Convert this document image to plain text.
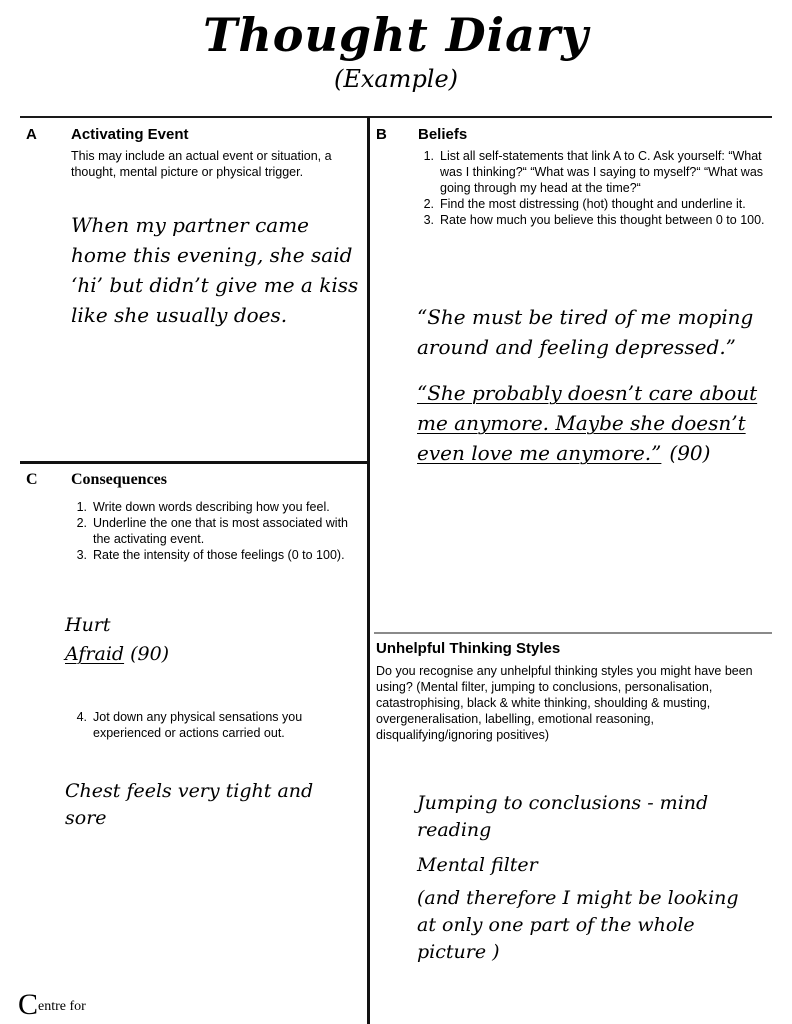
Thought Diary
(Example)
A Activating Event
This may include an actual event or situation, a thought, mental picture or physical trigger.
When my partner came home this evening, she said ‘hi’ but didn’t give me a kiss like she usually does.
B Beliefs
1. List all self-statements that link A to C. Ask yourself: “What was I thinking?“ “What was I saying to myself?“ “What was going through my head at the time?“
2. Find the most distressing (hot) thought and underline it.
3. Rate how much you believe this thought between 0 to 100.
“She must be tired of me moping around and feeling depressed.”
“She probably doesn’t care about me anymore. Maybe she doesn’t even love me anymore.” (90)
C Consequences
1. Write down words describing how you feel.
2. Underline the one that is most associated with the activating event.
3. Rate the intensity of those feelings (0 to 100).
Hurt
Afraid (90)
4. Jot down any physical sensations you experienced or actions carried out.
Chest feels very tight and sore
Unhelpful Thinking Styles
Do you recognise any unhelpful thinking styles you might have been using? (Mental filter, jumping to conclusions, personalisation, catastrophising, black & white thinking, shoulding & musting, overgeneralisation, labelling, emotional reasoning, disqualifying/ignoring positives)
Jumping to conclusions - mind reading
Mental filter
(and therefore I might be looking at only one part of the whole picture )
Centre for
